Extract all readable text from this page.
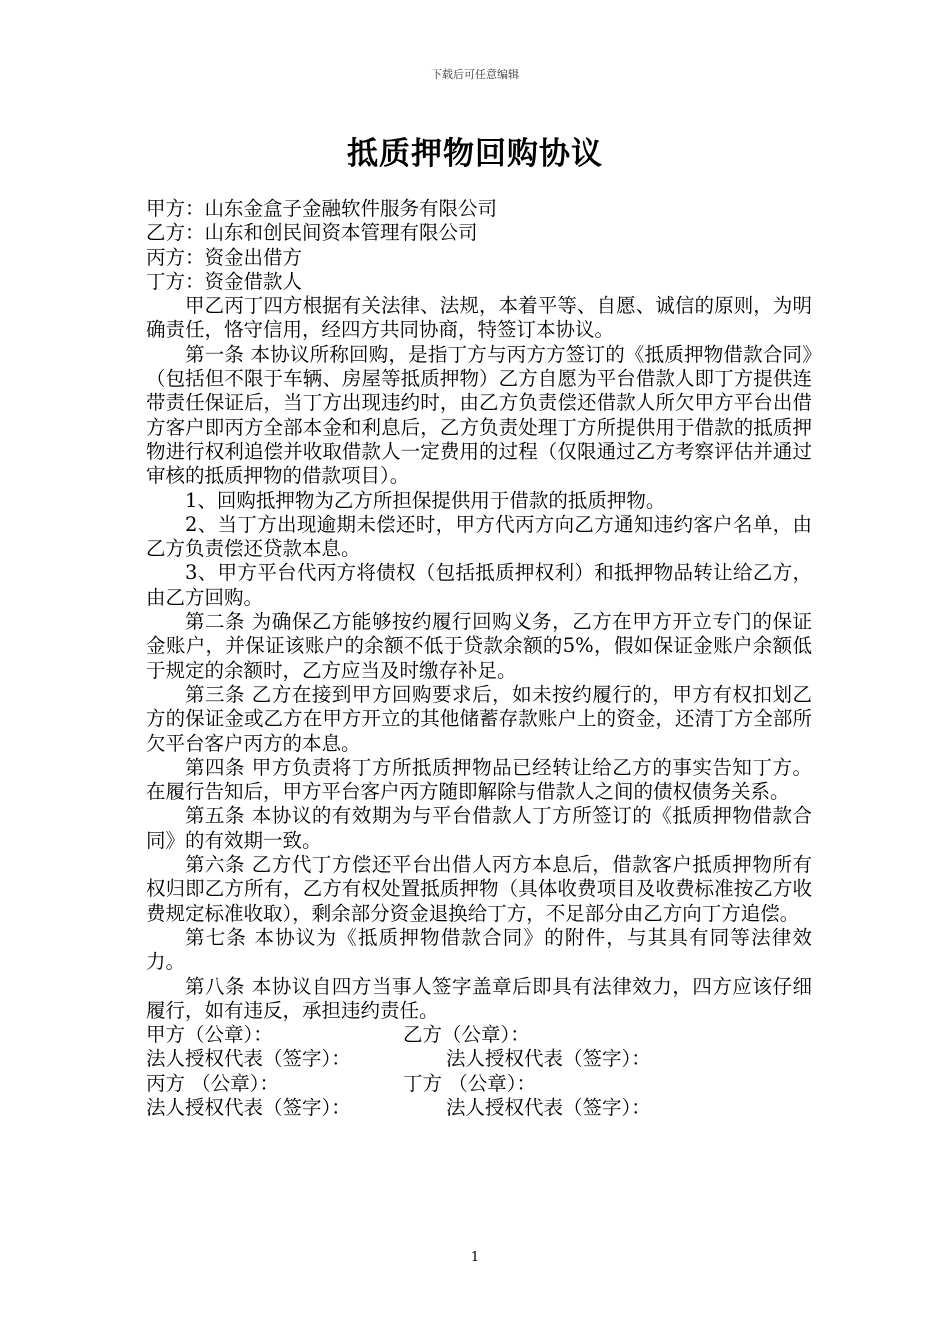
下载后可任意编辑
抵质押物回购协议

甲方：山东金盒子金融软件服务有限公司

乙方：山东和创民间资本管理有限公司

丙方：资金出借方

丁方：资金借款人

甲乙丙丁四方根据有关法律、法规，本着平等、自愿、诚信的原则，为明确责任，恪守信用，经四方共同协商，特签订本协议。

第一条 本协议所称回购，是指丁方与丙方方签订的《抵质押物借款合同》（包括但不限于车辆、房屋等抵质押物）乙方自愿为平台借款人即丁方提供连带责任保证后，当丁方出现违约时，由乙方负责偿还借款人所欠甲方平台出借方客户即丙方全部本金和利息后，乙方负责处理丁方所提供用于借款的抵质押物进行权利追偿并收取借款人一定费用的过程（仅限通过乙方考察评估并通过审核的抵质押物的借款项目）。

1、回购抵押物为乙方所担保提供用于借款的抵质押物。

2、当丁方出现逾期未偿还时，甲方代丙方向乙方通知违约客户名单，由乙方负责偿还贷款本息。

3、甲方平台代丙方将债权（包括抵质押权利）和抵押物品转让给乙方，由乙方回购。

第二条 为确保乙方能够按约履行回购义务，乙方在甲方开立专门的保证金账户，并保证该账户的余额不低于贷款余额的5%，假如保证金账户余额低于规定的余额时，乙方应当及时缴存补足。

第三条 乙方在接到甲方回购要求后，如未按约履行的，甲方有权扣划乙方的保证金或乙方在甲方开立的其他储蓄存款账户上的资金，还清丁方全部所欠平台客户丙方的本息。

第四条 甲方负责将丁方所抵质押物品已经转让给乙方的事实告知丁方。在履行告知后，甲方平台客户丙方随即解除与借款人之间的债权债务关系。

第五条 本协议的有效期为与平台借款人丁方所签订的《抵质押物借款合同》的有效期一致。

第六条 乙方代丁方偿还平台出借人丙方本息后，借款客户抵质押物所有权归即乙方所有，乙方有权处置抵质押物（具体收费项目及收费标准按乙方收费规定标准收取），剩余部分资金退换给丁方，不足部分由乙方向丁方追偿。

第七条 本协议为《抵质押物借款合同》的附件，与其具有同等法律效力。

第八条 本协议自四方当事人签字盖章后即具有法律效力，四方应该仔细履行，如有违反，承担违约责任。

甲方（公章）：	乙方（公章）：
法人授权代表（签字）：	法人授权代表（签字）：
丙方 （公章）：	丁方 （公章）：
法人授权代表（签字）：	法人授权代表（签字）：
1
